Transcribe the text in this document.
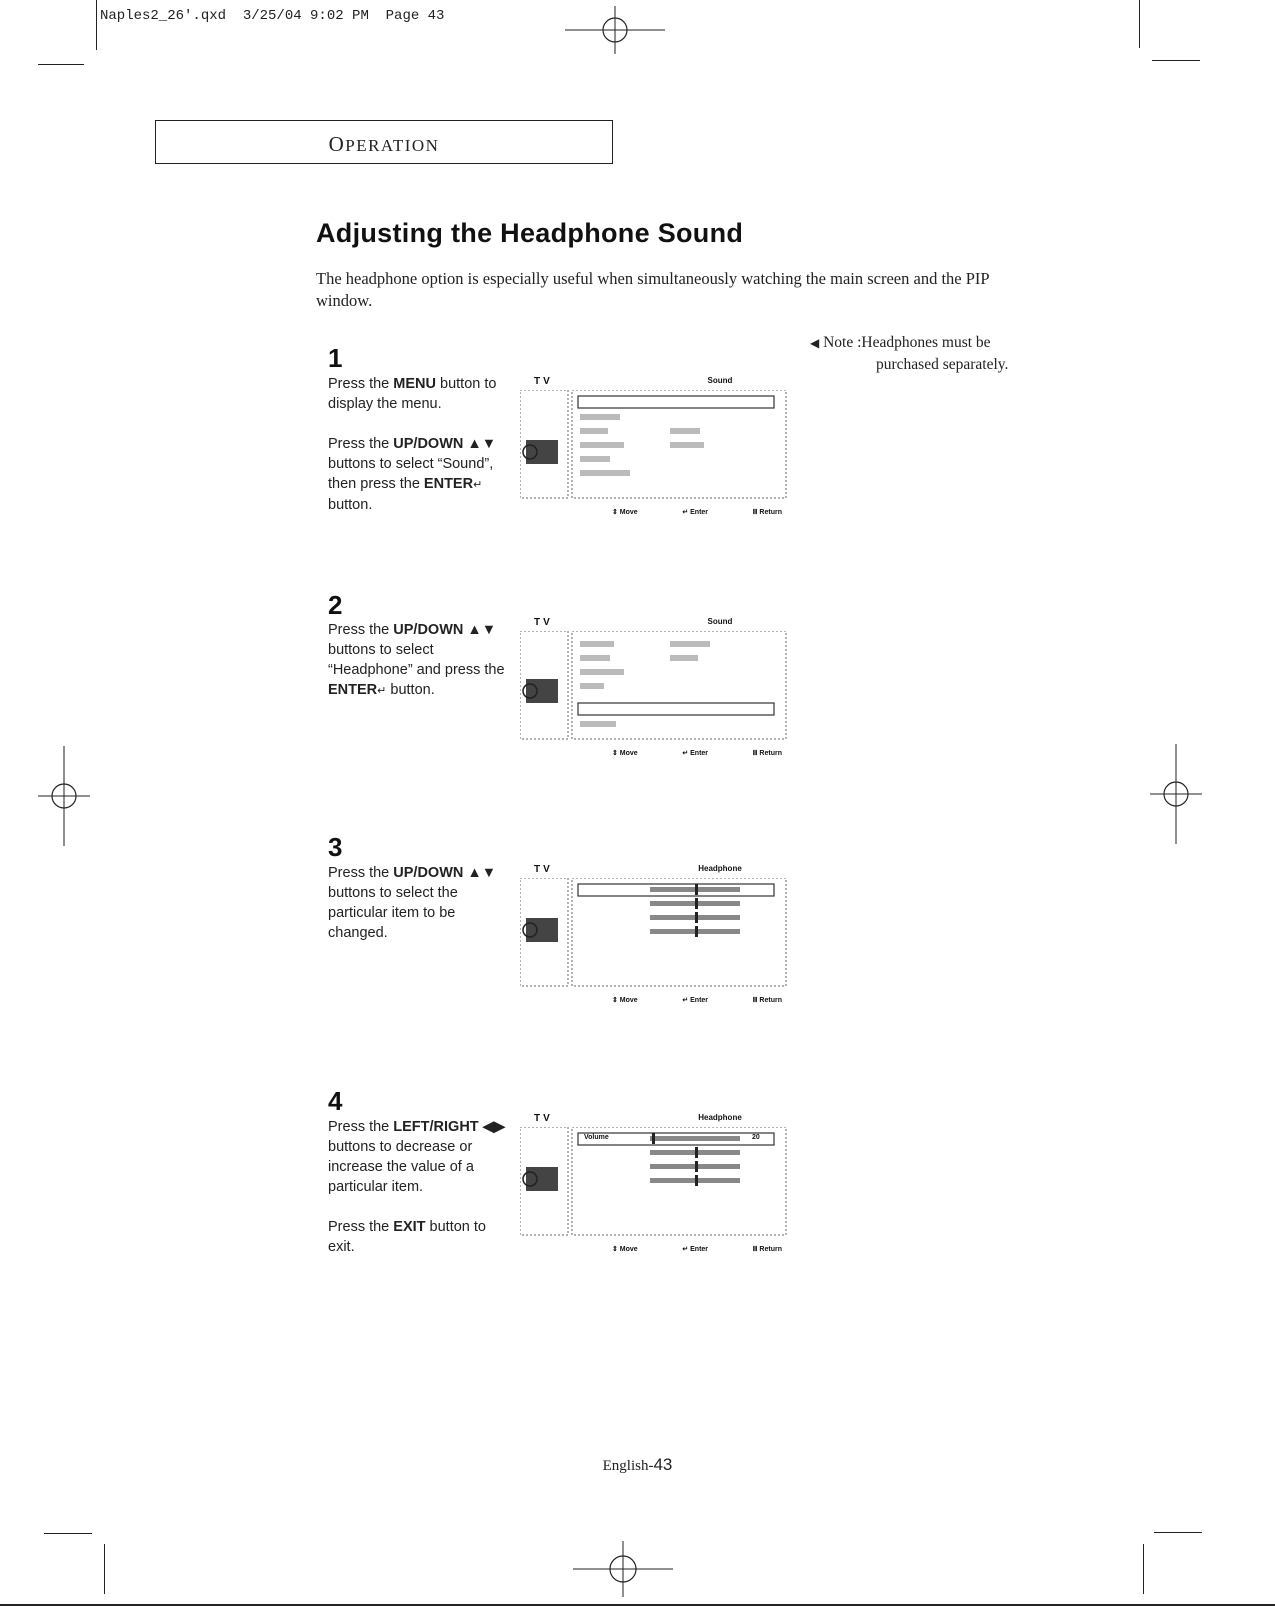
Naples2_26'.qxd  3/25/04 9:02 PM  Page 43
OPERATION
Adjusting the Headphone Sound
The headphone option is especially useful when simultaneously watching the main screen and the PIP window.
◀ Note :Headphones must be
purchased separately.
1

Press the MENU button to display the menu.

Press the UP/DOWN ▲▼ buttons to select “Sound”, then press the ENTER↵ button.

TV	Sound
⇕ Move	↵ Enter	Ⅲ Return
2

Press the UP/DOWN ▲▼ buttons to select “Headphone” and press the ENTER↵ button.

TV	Sound
⇕ Move	↵ Enter	Ⅲ Return
3

Press the UP/DOWN ▲▼ buttons to select the particular item to be changed.

TV	Headphone
⇕ Move	↵ Enter	Ⅲ Return
4

Press the LEFT/RIGHT ◀▶ buttons to decrease or increase the value of a particular item.

Press the EXIT button to exit.

TV	Headphone
Volume	20
⇕ Move	↵ Enter	Ⅲ Return
English-43
